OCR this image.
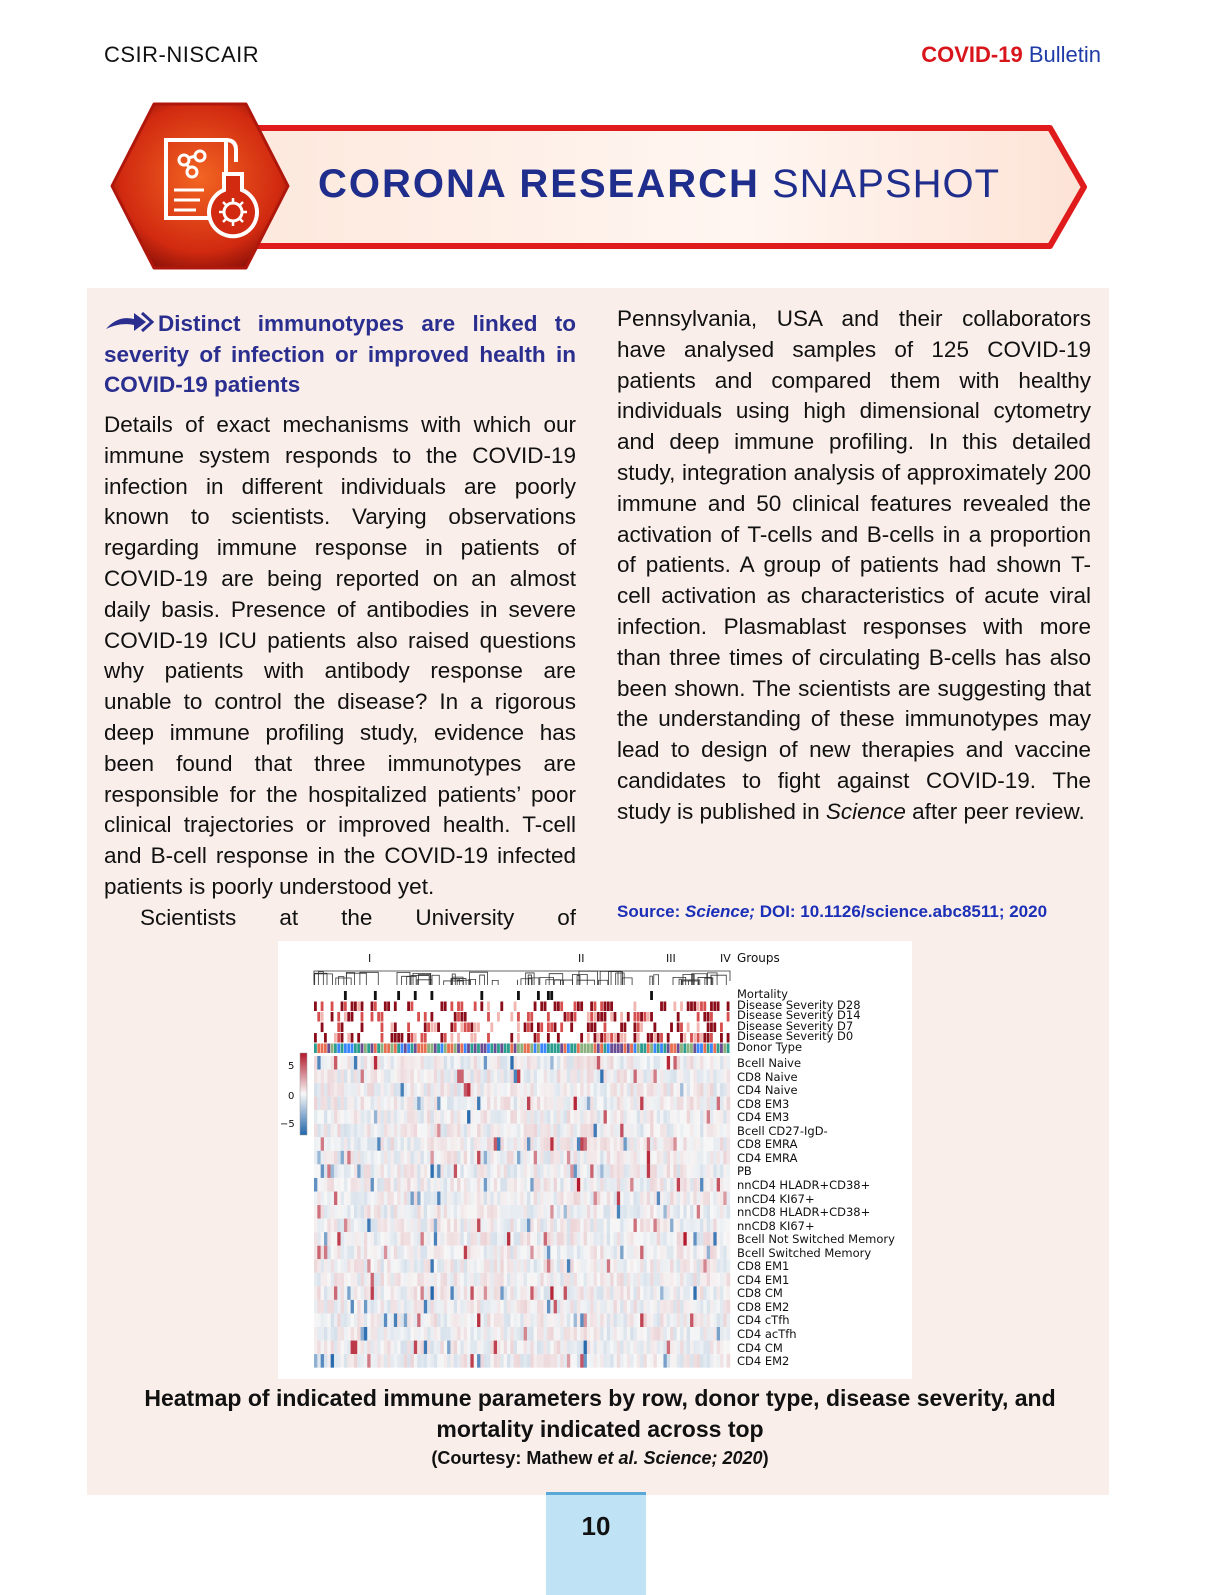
CSIR-NISCAIR	COVID-19 Bulletin
CORONA RESEARCH SNAPSHOT
Distinct immunotypes are linked to severity of infection or improved health in COVID-19 patients
Details of exact mechanisms with which our immune system responds to the COVID-19 infection in different individuals are poorly known to scientists. Varying observations regarding immune response in patients of COVID-19 are being reported on an almost daily basis. Presence of antibodies in severe COVID-19 ICU patients also raised questions why patients with antibody response are unable to control the disease? In a rigorous deep immune profiling study, evidence has been found that three immunotypes are responsible for the hospitalized patients’ poor clinical trajectories or improved health. T-cell and B-cell response in the COVID-19 infected patients is poorly understood yet.
Scientists at the University of
Pennsylvania, USA and their collaborators have analysed samples of 125 COVID-19 patients and compared them with healthy individuals using high dimensional cytometry and deep immune profiling. In this detailed study, integration analysis of approximately 200 immune and 50 clinical features revealed the activation of T-cells and B-cells in a proportion of patients. A group of patients had shown T-cell activation as characteristics of acute viral infection. Plasmablast responses with more than three times of circulating B-cells has also been shown. The scientists are suggesting that the understanding of these immunotypes may lead to design of new therapies and vaccine candidates to fight against COVID-19. The study is published in Science after peer review.
Source: Science; DOI: 10.1126/science.abc8511; 2020
I	II	III	IV Groups
Mortality
Disease Severity D28
Disease Severity D14
Disease Severity D7
Disease Severity D0
Donor Type
Bcell Naive
CD8 Naive
CD4 Naive
CD8 EM3
CD4 EM3
Bcell CD27-IgD-
CD8 EMRA
CD4 EMRA
PB
nnCD4 HLADR+CD38+
nnCD4 KI67+
nnCD8 HLADR+CD38+
nnCD8 KI67+
Bcell Not Switched Memory
Bcell Switched Memory
CD8 EM1
CD4 EM1
CD8 CM
CD8 EM2
CD4 cTfh
CD4 acTfh
CD4 CM
CD4 EM2
5
0
−5
Heatmap of indicated immune parameters by row, donor type, disease severity, and mortality indicated across top
(Courtesy: Mathew et al. Science; 2020)
10
